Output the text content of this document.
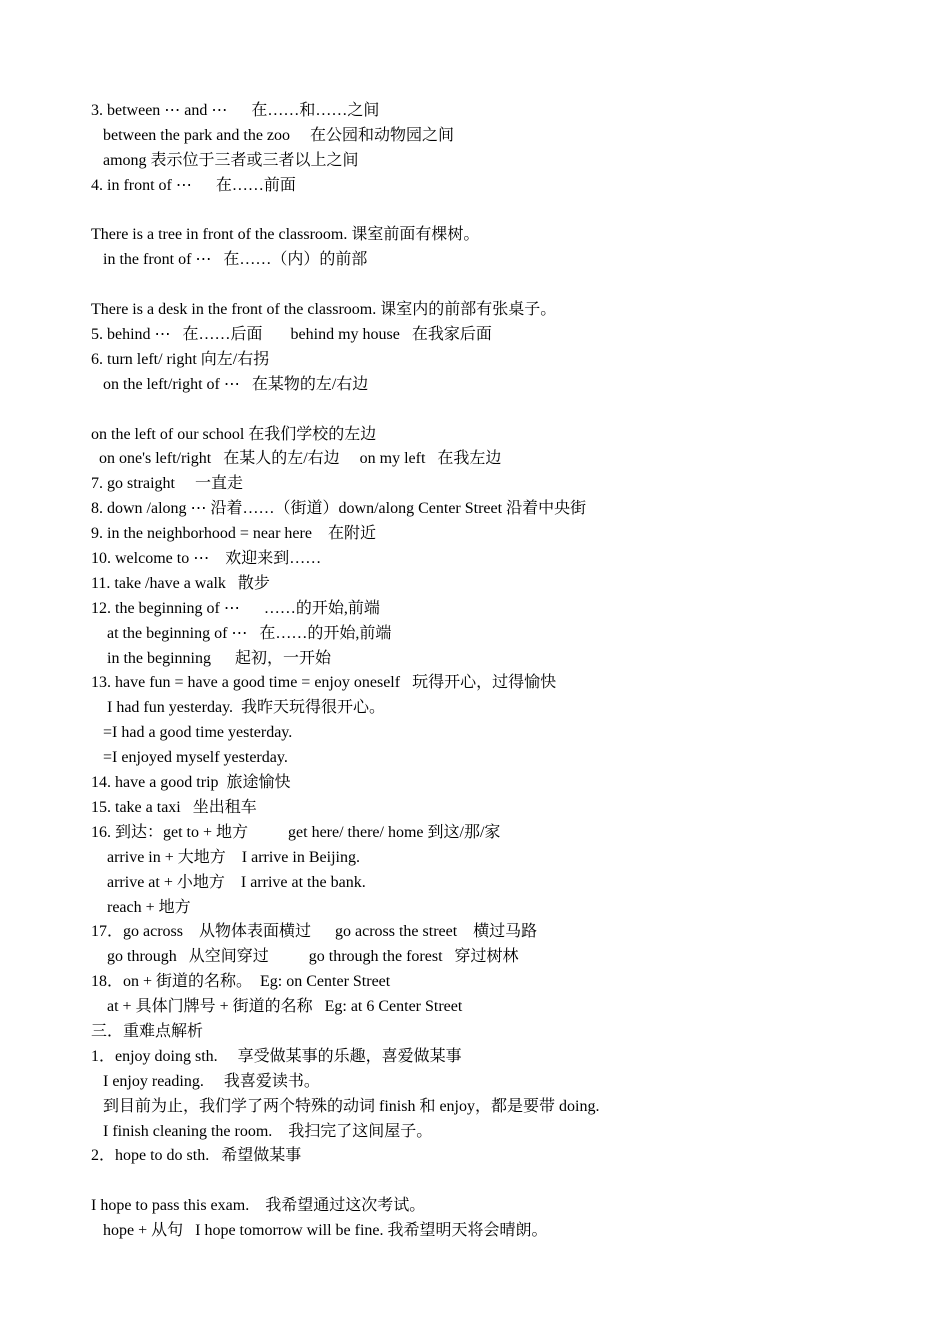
3. between ⋯ and ⋯      在……和……之间
between the park and the zoo     在公园和动物园之间
among 表示位于三者或三者以上之间
4. in front of ⋯      在……前面
There is a tree in front of the classroom. 课室前面有棵树。
in the front of ⋯   在……（内）的前部
There is a desk in the front of the classroom. 课室内的前部有张桌子。
5. behind ⋯   在……后面       behind my house   在我家后面
6. turn left/ right 向左/右拐
on the left/right of ⋯   在某物的左/右边
on the left of our school 在我们学校的左边
on one's left/right   在某人的左/右边     on my left   在我左边
7. go straight     一直走
8. down /along ⋯ 沿着……（街道）down/along Center Street 沿着中央街
9. in the neighborhood = near here    在附近
10. welcome to ⋯    欢迎来到……
11. take /have a walk   散步
12. the beginning of ⋯      ……的开始,前端
at the beginning of ⋯   在……的开始,前端
in the beginning      起初，一开始
13. have fun = have a good time = enjoy oneself   玩得开心，过得愉快
I had fun yesterday.  我昨天玩得很开心。
=I had a good time yesterday.
=I enjoyed myself yesterday.
14. have a good trip  旅途愉快
15. take a taxi   坐出租车
16. 到达：get to + 地方          get here/ there/ home 到这/那/家
arrive in + 大地方    I arrive in Beijing.
arrive at + 小地方    I arrive at the bank.
reach + 地方
17．go across    从物体表面横过      go across the street    横过马路
go through   从空间穿过          go through the forest   穿过树林
18．on + 街道的名称。  Eg: on Center Street
at + 具体门牌号 + 街道的名称   Eg: at 6 Center Street
三．重难点解析
1．enjoy doing sth.     享受做某事的乐趣，喜爱做某事
I enjoy reading.     我喜爱读书。
到目前为止，我们学了两个特殊的动词 finish 和 enjoy，都是要带 doing.
I finish cleaning the room.    我扫完了这间屋子。
2．hope to do sth.   希望做某事
I hope to pass this exam.    我希望通过这次考试。
hope + 从句   I hope tomorrow will be fine. 我希望明天将会晴朗。
